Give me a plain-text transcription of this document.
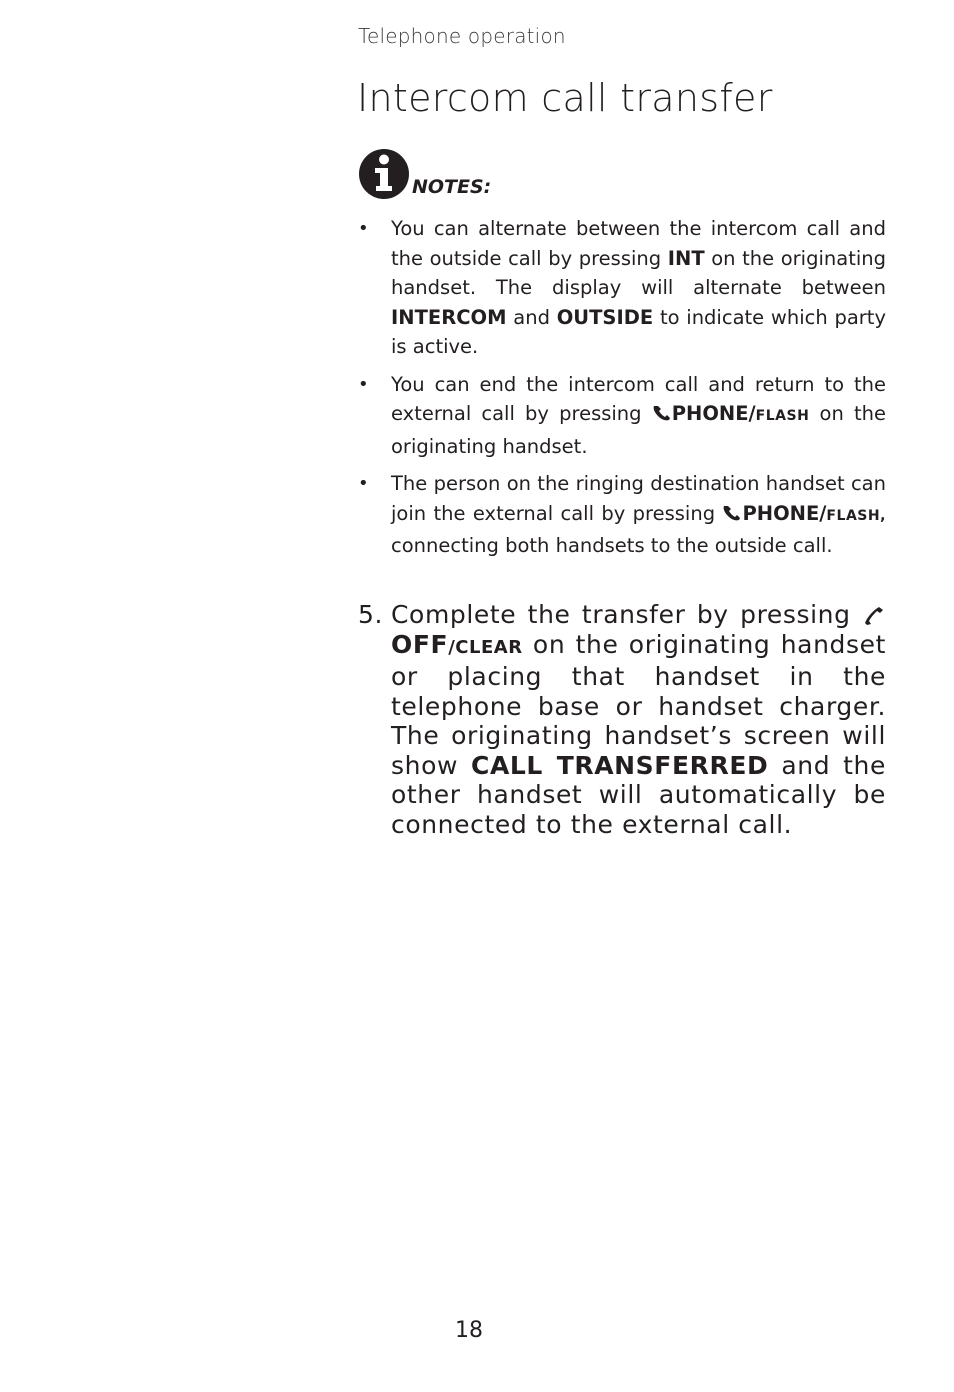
Telephone operation
Intercom call transfer
NOTES:
• You can alternate between the intercom call and the outside call by pressing INT on the originating handset. The display will alternate between INTERCOM and OUTSIDE to indicate which party is active.
• You can end the intercom call and return to the external call by pressing PHONE/FLASH on the originating handset.
• The person on the ringing destination handset can join the external call by pressing PHONE/FLASH, connecting both handsets to the outside call.
5. Complete the transfer by pressing OFF/CLEAR on the originating handset or placing that handset in the telephone base or handset charger. The originating handset’s screen will show CALL TRANSFERRED and the other handset will automatically be connected to the external call.
18
